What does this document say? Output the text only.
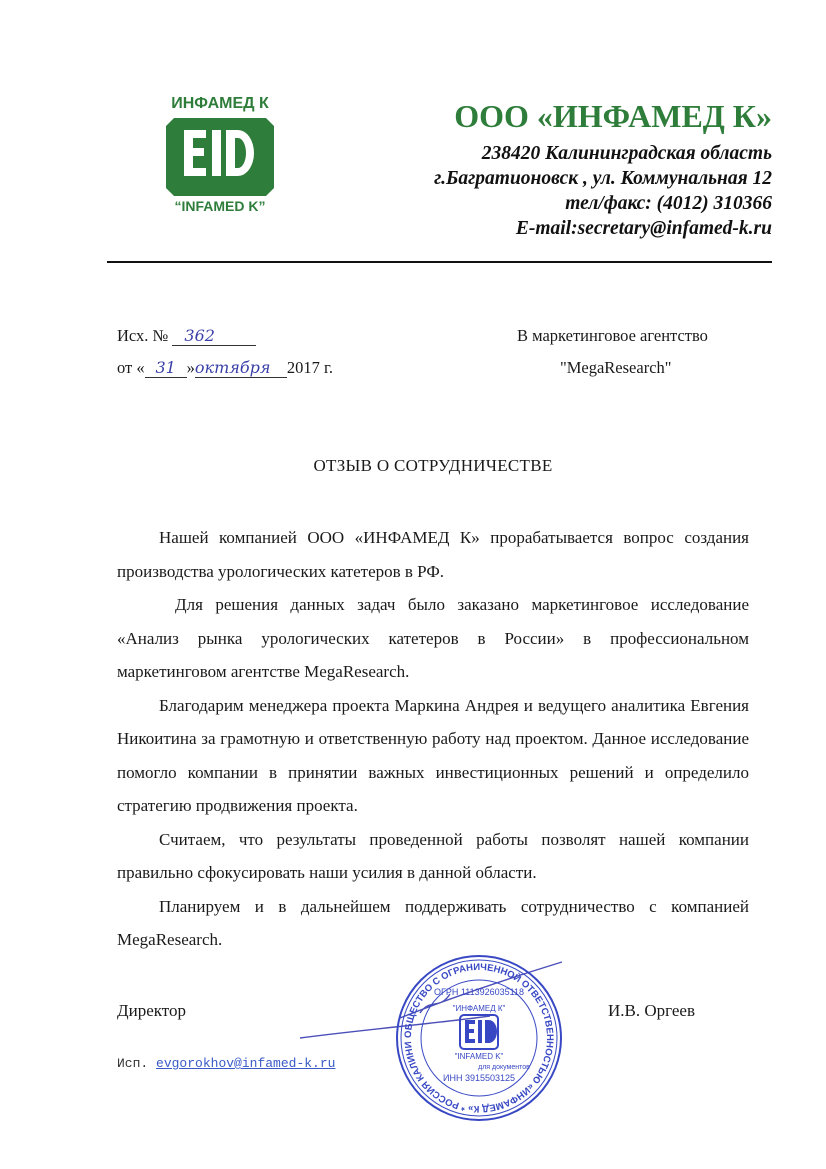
ИНФАМЕД К
“INFAMED K”
ООО «ИНФАМЕД К»
238420 Калининградская область
г.Багратионовск , ул. Коммунальная 12
тел/факс: (4012) 310366
E-mail:secretary@infamed-k.ru
Исх. № 362
от « 31 »октября 2017 г.
В маркетинговое агентство
"MegaResearch"
ОТЗЫВ О СОТРУДНИЧЕСТВЕ

Нашей компанией ООО «ИНФАМЕД К» прорабатывается вопрос создания производства урологических катетеров в РФ.

Для решения данных задач было заказано маркетинговое исследование «Анализ рынка урологических катетеров в России» в профессиональном маркетинговом агентстве MegaResearch.

Благодарим менеджера проекта Маркина Андрея и ведущего аналитика Евгения Никоитина за грамотную и ответственную работу над проектом. Данное исследование помогло компании в принятии важных инвестиционных решений и определило стратегию продвижения проекта.

Считаем, что результаты проведенной работы позволят нашей компании правильно сфокусировать наши усилия в данной области.

Планируем и в дальнейшем поддерживать сотрудничество с компанией MegaResearch.

Директор	И.В. Оргеев
ОБЩЕСТВО С ОГРАНИЧЕННОЙ ОТВЕТСТВЕННОСТЬЮ «ИНФАМЕД К» * РОССИЯ КАЛИНИ
ОГРН 1113926035118
"ИНФАМЕД К"
"INFAMED K"
для документов
ИНН 3915503125
Исп. evgorokhov@infamed-k.ru
